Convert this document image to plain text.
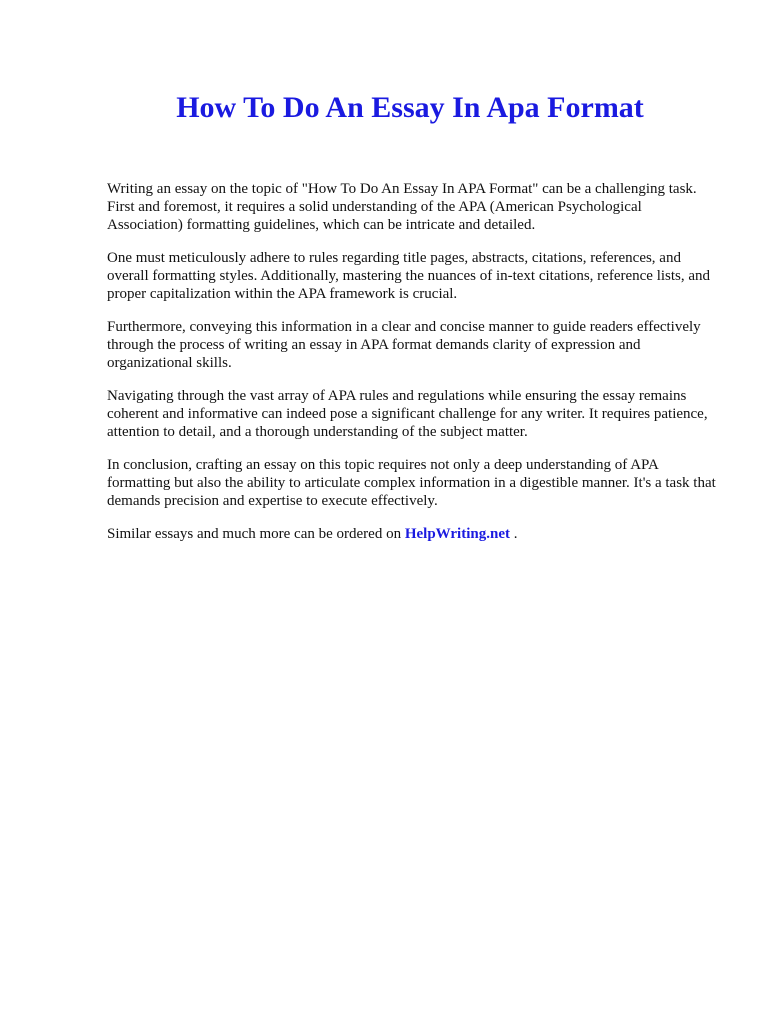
How To Do An Essay In Apa Format

Writing an essay on the topic of "How To Do An Essay In APA Format" can be a challenging task. First and foremost, it requires a solid understanding of the APA (American Psychological Association) formatting guidelines, which can be intricate and detailed.

One must meticulously adhere to rules regarding title pages, abstracts, citations, references, and overall formatting styles. Additionally, mastering the nuances of in-text citations, reference lists, and proper capitalization within the APA framework is crucial.

Furthermore, conveying this information in a clear and concise manner to guide readers effectively through the process of writing an essay in APA format demands clarity of expression and organizational skills.

Navigating through the vast array of APA rules and regulations while ensuring the essay remains coherent and informative can indeed pose a significant challenge for any writer. It requires patience, attention to detail, and a thorough understanding of the subject matter.

In conclusion, crafting an essay on this topic requires not only a deep understanding of APA formatting but also the ability to articulate complex information in a digestible manner. It's a task that demands precision and expertise to execute effectively.

Similar essays and much more can be ordered on HelpWriting.net .
